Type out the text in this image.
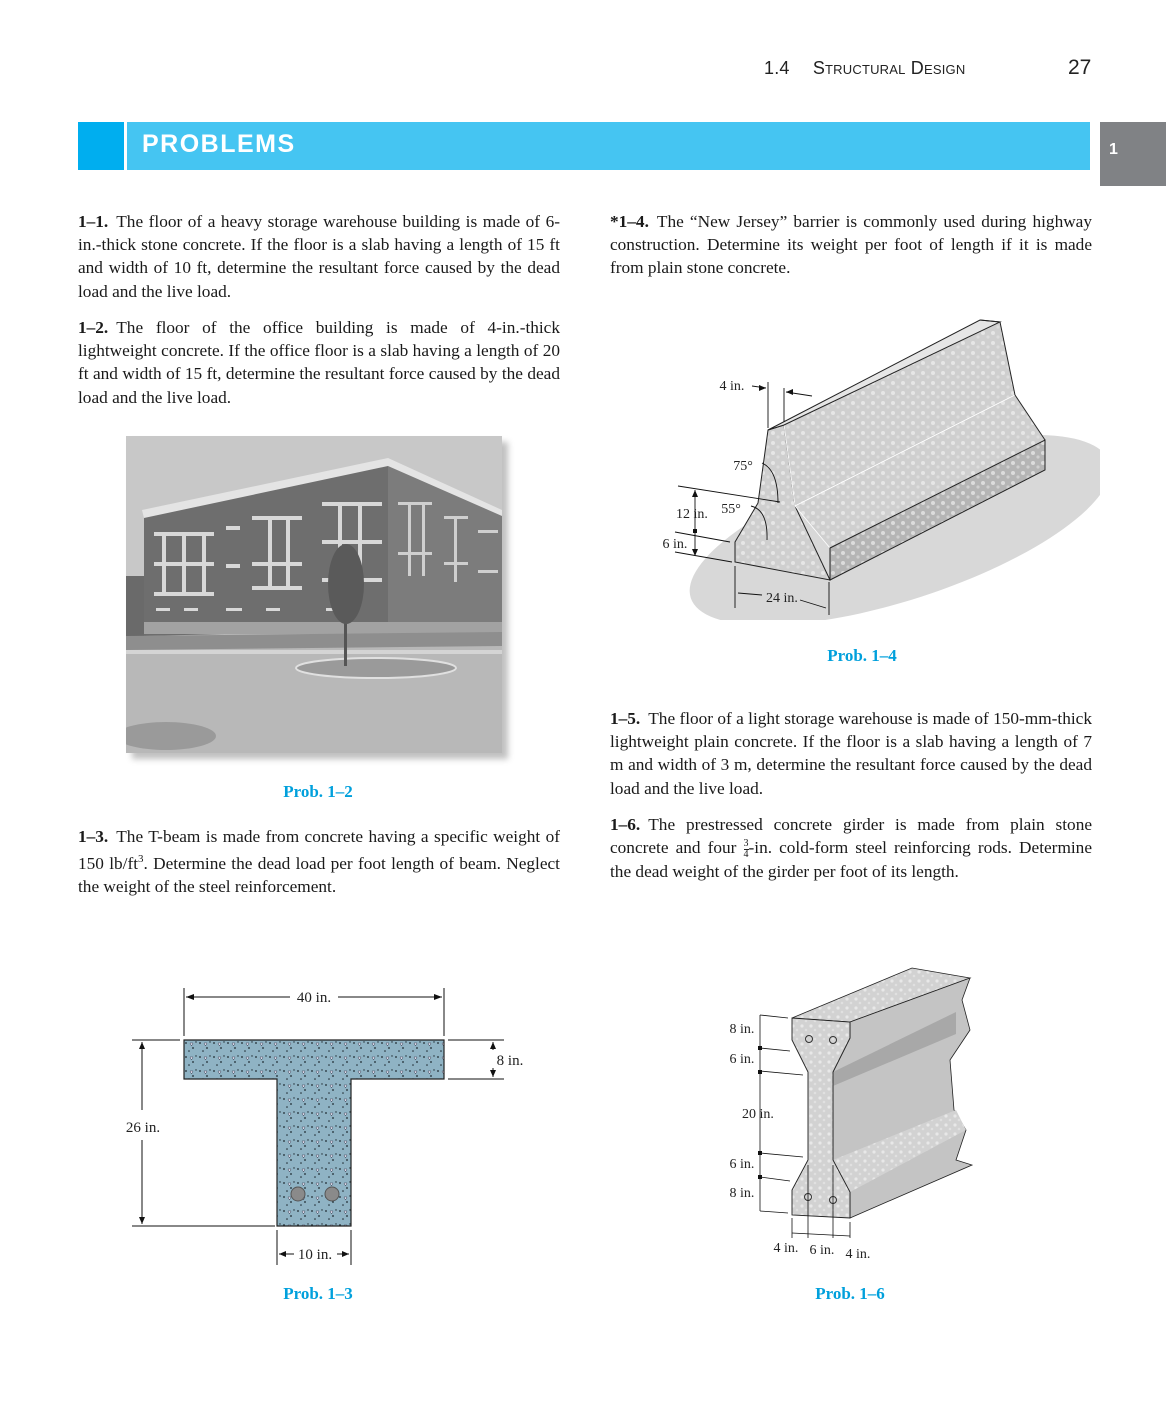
1.4 Structural Design	27
PROBLEMS	1
1–1. The floor of a heavy storage warehouse building is made of 6-in.-thick stone concrete. If the floor is a slab having a length of 15 ft and width of 10 ft, determine the resultant force caused by the dead load and the live load.
1–2. The floor of the office building is made of 4-in.-thick lightweight concrete. If the office floor is a slab having a length of 20 ft and width of 15 ft, determine the resultant force caused by the dead load and the live load.
Prob. 1–2
1–3. The T-beam is made from concrete having a specific weight of 150 $lb/ft^3$. Determine the dead load per foot length of beam. Neglect the weight of the steel reinforcement.
40 in.
8 in.
26 in.
10 in.
Prob. 1–3
*1–4. The “New Jersey” barrier is commonly used during highway construction. Determine its weight per foot of length if it is made from plain stone concrete.
4 in.
75°
55°
12 in.
6 in.
24 in.
Prob. 1–4
1–5. The floor of a light storage warehouse is made of 150-mm-thick lightweight plain concrete. If the floor is a slab having a length of 7 m and width of 3 m, determine the resultant force caused by the dead load and the live load.
1–6. The prestressed concrete girder is made from plain stone concrete and four $\frac{3}{4} -in$. cold-form steel reinforcing rods. Determine the dead weight of the girder per foot of its length.
8 in.
6 in.
20 in.
6 in.
8 in.
4 in. 6 in. 4 in.
Prob. 1–6
